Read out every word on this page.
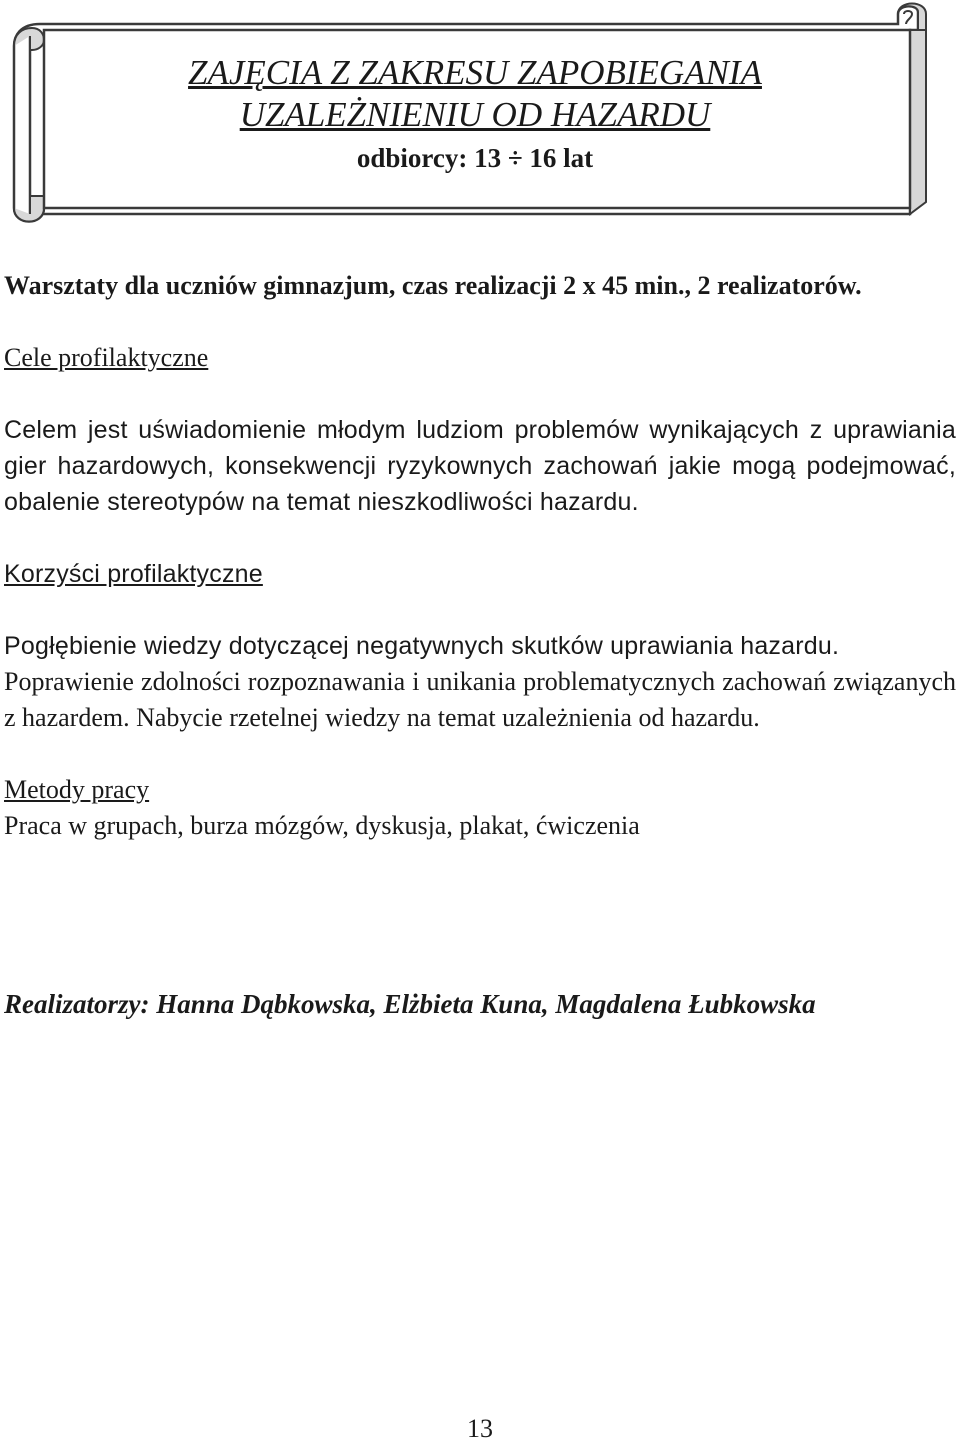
ZAJĘCIA Z ZAKRESU ZAPOBIEGANIA
UZALEŻNIENIU OD HAZARDU
odbiorcy: 13 ÷ 16 lat

Warsztaty dla uczniów gimnazjum, czas realizacji 2 x 45 min., 2 realizatorów.

Cele profilaktyczne

Celem jest uświadomienie młodym ludziom problemów wynikających z uprawiania gier hazardowych, konsekwencji ryzykownych zachowań jakie mogą podejmować, obalenie stereotypów na temat nieszkodliwości hazardu.

Korzyści profilaktyczne

Pogłębienie wiedzy dotyczącej negatywnych skutków uprawiania hazardu.

Poprawienie zdolności rozpoznawania i unikania problematycznych zachowań związanych z hazardem. Nabycie rzetelnej wiedzy na temat uzależnienia od hazardu.

Metody pracy

Praca w grupach, burza mózgów, dyskusja, plakat, ćwiczenia

Realizatorzy: Hanna Dąbkowska, Elżbieta Kuna, Magdalena Łubkowska

13
